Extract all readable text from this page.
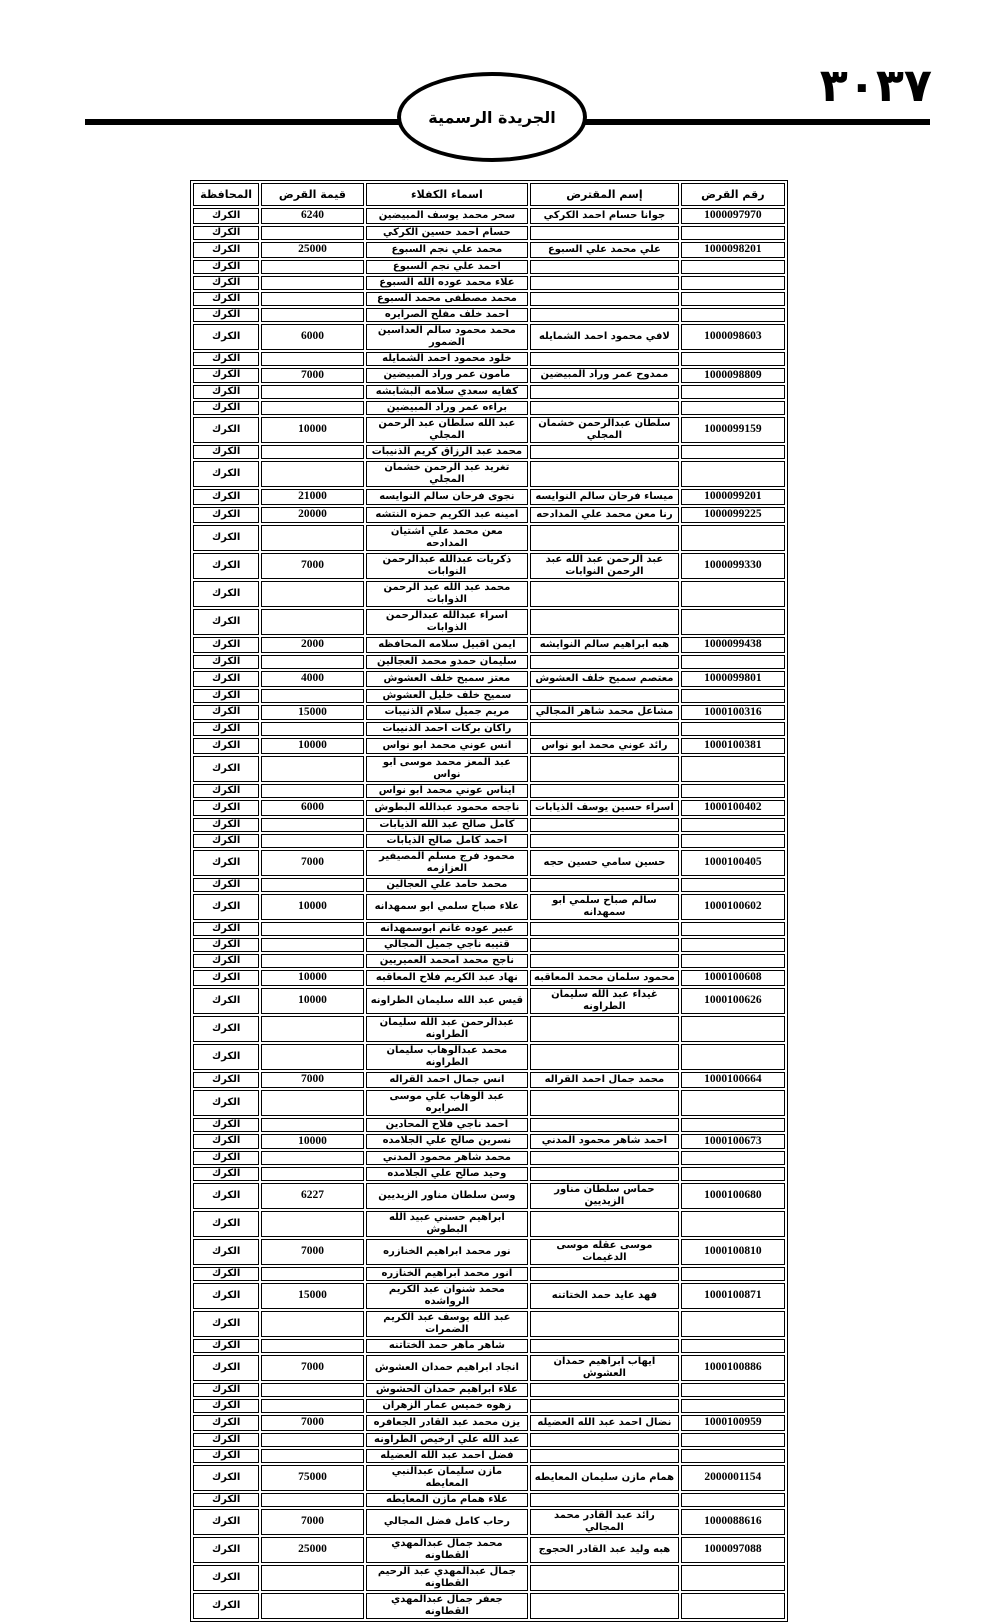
٣٠٣٧
الجريدة الرسمية
رقم القرض	إسم المقترض	اسماء الكفلاء	قيمة القرض	المحافظة
1000097970	جوانا حسام احمد الكركي	سحر محمد يوسف المبيضين	6240	الكرك
		حسام احمد حسين الكركي		الكرك
1000098201	علي محمد علي السبوع	محمد علي نجم السبوع	25000	الكرك
		احمد علي نجم السبوع		الكرك
		علاء محمد عوده الله السبوع		الكرك
		محمد مصطفى محمد السبوع		الكرك
		احمد خلف مفلح الصرايره		الكرك
1000098603	لافي محمود احمد الشمايله	محمد محمود سالم العداسين الضمور	6000	الكرك
		خلود محمود احمد الشمايله		الكرك
1000098809	ممدوح عمر وراد المبيضين	مأمون عمر وراد المبيضين	7000	الكرك
		كفايه سعدي سلامه البشابشه		الكرك
		براءه عمر وراد المبيضين		الكرك
1000099159	سلطان عبدالرحمن خشمان المجلي	عبد الله سلطان عبد الرحمن المجلي	10000	الكرك
		محمد عبد الرزاق كريم الذنيبات		الكرك
		تغريد عبد الرحمن خشمان المجلي		الكرك
1000099201	ميساء فرحان سالم النوايسه	نجوى فرحان سالم النوايسه	21000	الكرك
1000099225	رنا معن محمد علي المدادحه	امينه عبد الكريم حمزه النتشه	20000	الكرك
		معن محمد علي اشتيان المدادحه		الكرك
1000099330	عبد الرحمن عبد الله عبد الرحمن النوابات	ذكريات عبدالله عبدالرحمن النوابات	7000	الكرك
		محمد عبد الله عبد الرحمن الذوابات		الكرك
		اسراء عبدالله عبدالرحمن الذوابات		الكرك
1000099438	هبه ابراهيم سالم النوايشه	ايمن اقبيل سلامه المحافظه	2000	الكرك
		سليمان حمدو محمد العجالين		الكرك
1000099801	معتصم سميح خلف العشوش	معتز سميح خلف العشوش	4000	الكرك
		سميح خلف خليل العشوش		الكرك
1000100316	مشاعل محمد شاهر المجالي	مريم جميل سلام الذنيبات	15000	الكرك
		راكان بركات احمد الذنيبات		الكرك
1000100381	رائد عوني محمد ابو نواس	انس عوني محمد ابو نواس	10000	الكرك
		عبد المعز محمد موسى ابو نواس		الكرك
		ايناس عوني محمد ابو نواس		الكرك
1000100402	اسراء حسين يوسف الذيابات	ناجحه محمود عبدالله البطوش	6000	الكرك
		كامل صالح عبد الله الذيابات		الكرك
		احمد كامل صالح الذيابات		الكرك
1000100405	حسين سامي حسين حجه	محمود فرج مسلم المصيفير العزازمه	7000	الكرك
		محمد حامد علي العجالين		الكرك
1000100602	سالم صباح سلمي ابو سمهدانه	علاء صباح سلمي ابو سمهدانه	10000	الكرك
		عبير عوده غانم ابوسمهدانه		الكرك
		قتيبه ناجي جميل المجالي		الكرك
		ناجح محمد امحمد العميريين		الكرك
1000100608	محمود سلمان محمد المعاقبه	نهاد عبد الكريم فلاح المعاقبه	10000	الكرك
1000100626	غيداء عبد الله سليمان الطراونه	قيس عبد الله سليمان الطراونه	10000	الكرك
		عبدالرحمن عبد الله سليمان الطراونه		الكرك
		محمد عبدالوهاب سليمان الطراونه		الكرك
1000100664	محمد جمال احمد القراله	انس جمال احمد القراله	7000	الكرك
		عبد الوهاب علي موسى الصرايره		الكرك
		احمد ناجي فلاح المحادين		الكرك
1000100673	احمد شاهر محمود المدني	نسرين صالح علي الجلامده	10000	الكرك
		محمد شاهر محمود المدني		الكرك
		وحيد صالح علي الجلامده		الكرك
1000100680	حماس سلطان مناور الزيديين	وسن سلطان مناور الزيديين	6227	الكرك
		ابراهيم حسني عبيد الله البطوش		الكرك
1000100810	موسى عقله موسى الدغيمات	نور محمد ابراهيم الخنازره	7000	الكرك
		انور محمد ابراهيم الخنازره		الكرك
1000100871	فهد عايد حمد الختاتنه	محمد شنوان عبد الكريم الرواشده	15000	الكرك
		عبد الله يوسف عبد الكريم الضمرات		الكرك
		شاهر ماهر حمد الختاتنه		الكرك
1000100886	ايهاب ابراهيم حمدان العشوش	انجاد ابراهيم حمدان العشوش	7000	الكرك
		علاء ابراهيم حمدان الحشوش		الكرك
		زهوه خميس عمار الزهران		الكرك
1000100959	نضال احمد عبد الله العضيله	يزن محمد عبد القادر الجعافره	7000	الكرك
		عبد الله علي ارخيص الطراونه		الكرك
		فضل احمد عبد الله العضيله		الكرك
2000001154	همام مازن سليمان المعايطه	مازن سليمان عبدالنبي المعايطه	75000	الكرك
		علاء همام مازن المعايطه		الكرك
1000088616	رائد عبد القادر محمد المجالي	رحاب كامل فضل المجالي	7000	الكرك
1000097088	هبه وليد عبد القادر الحجوج	محمد جمال عبدالمهدي القطاونه	25000	الكرك
		جمال عبدالمهدي عبد الرحيم القطاونه		الكرك
		جعفر جمال عبدالمهدي القطاونه		الكرك
